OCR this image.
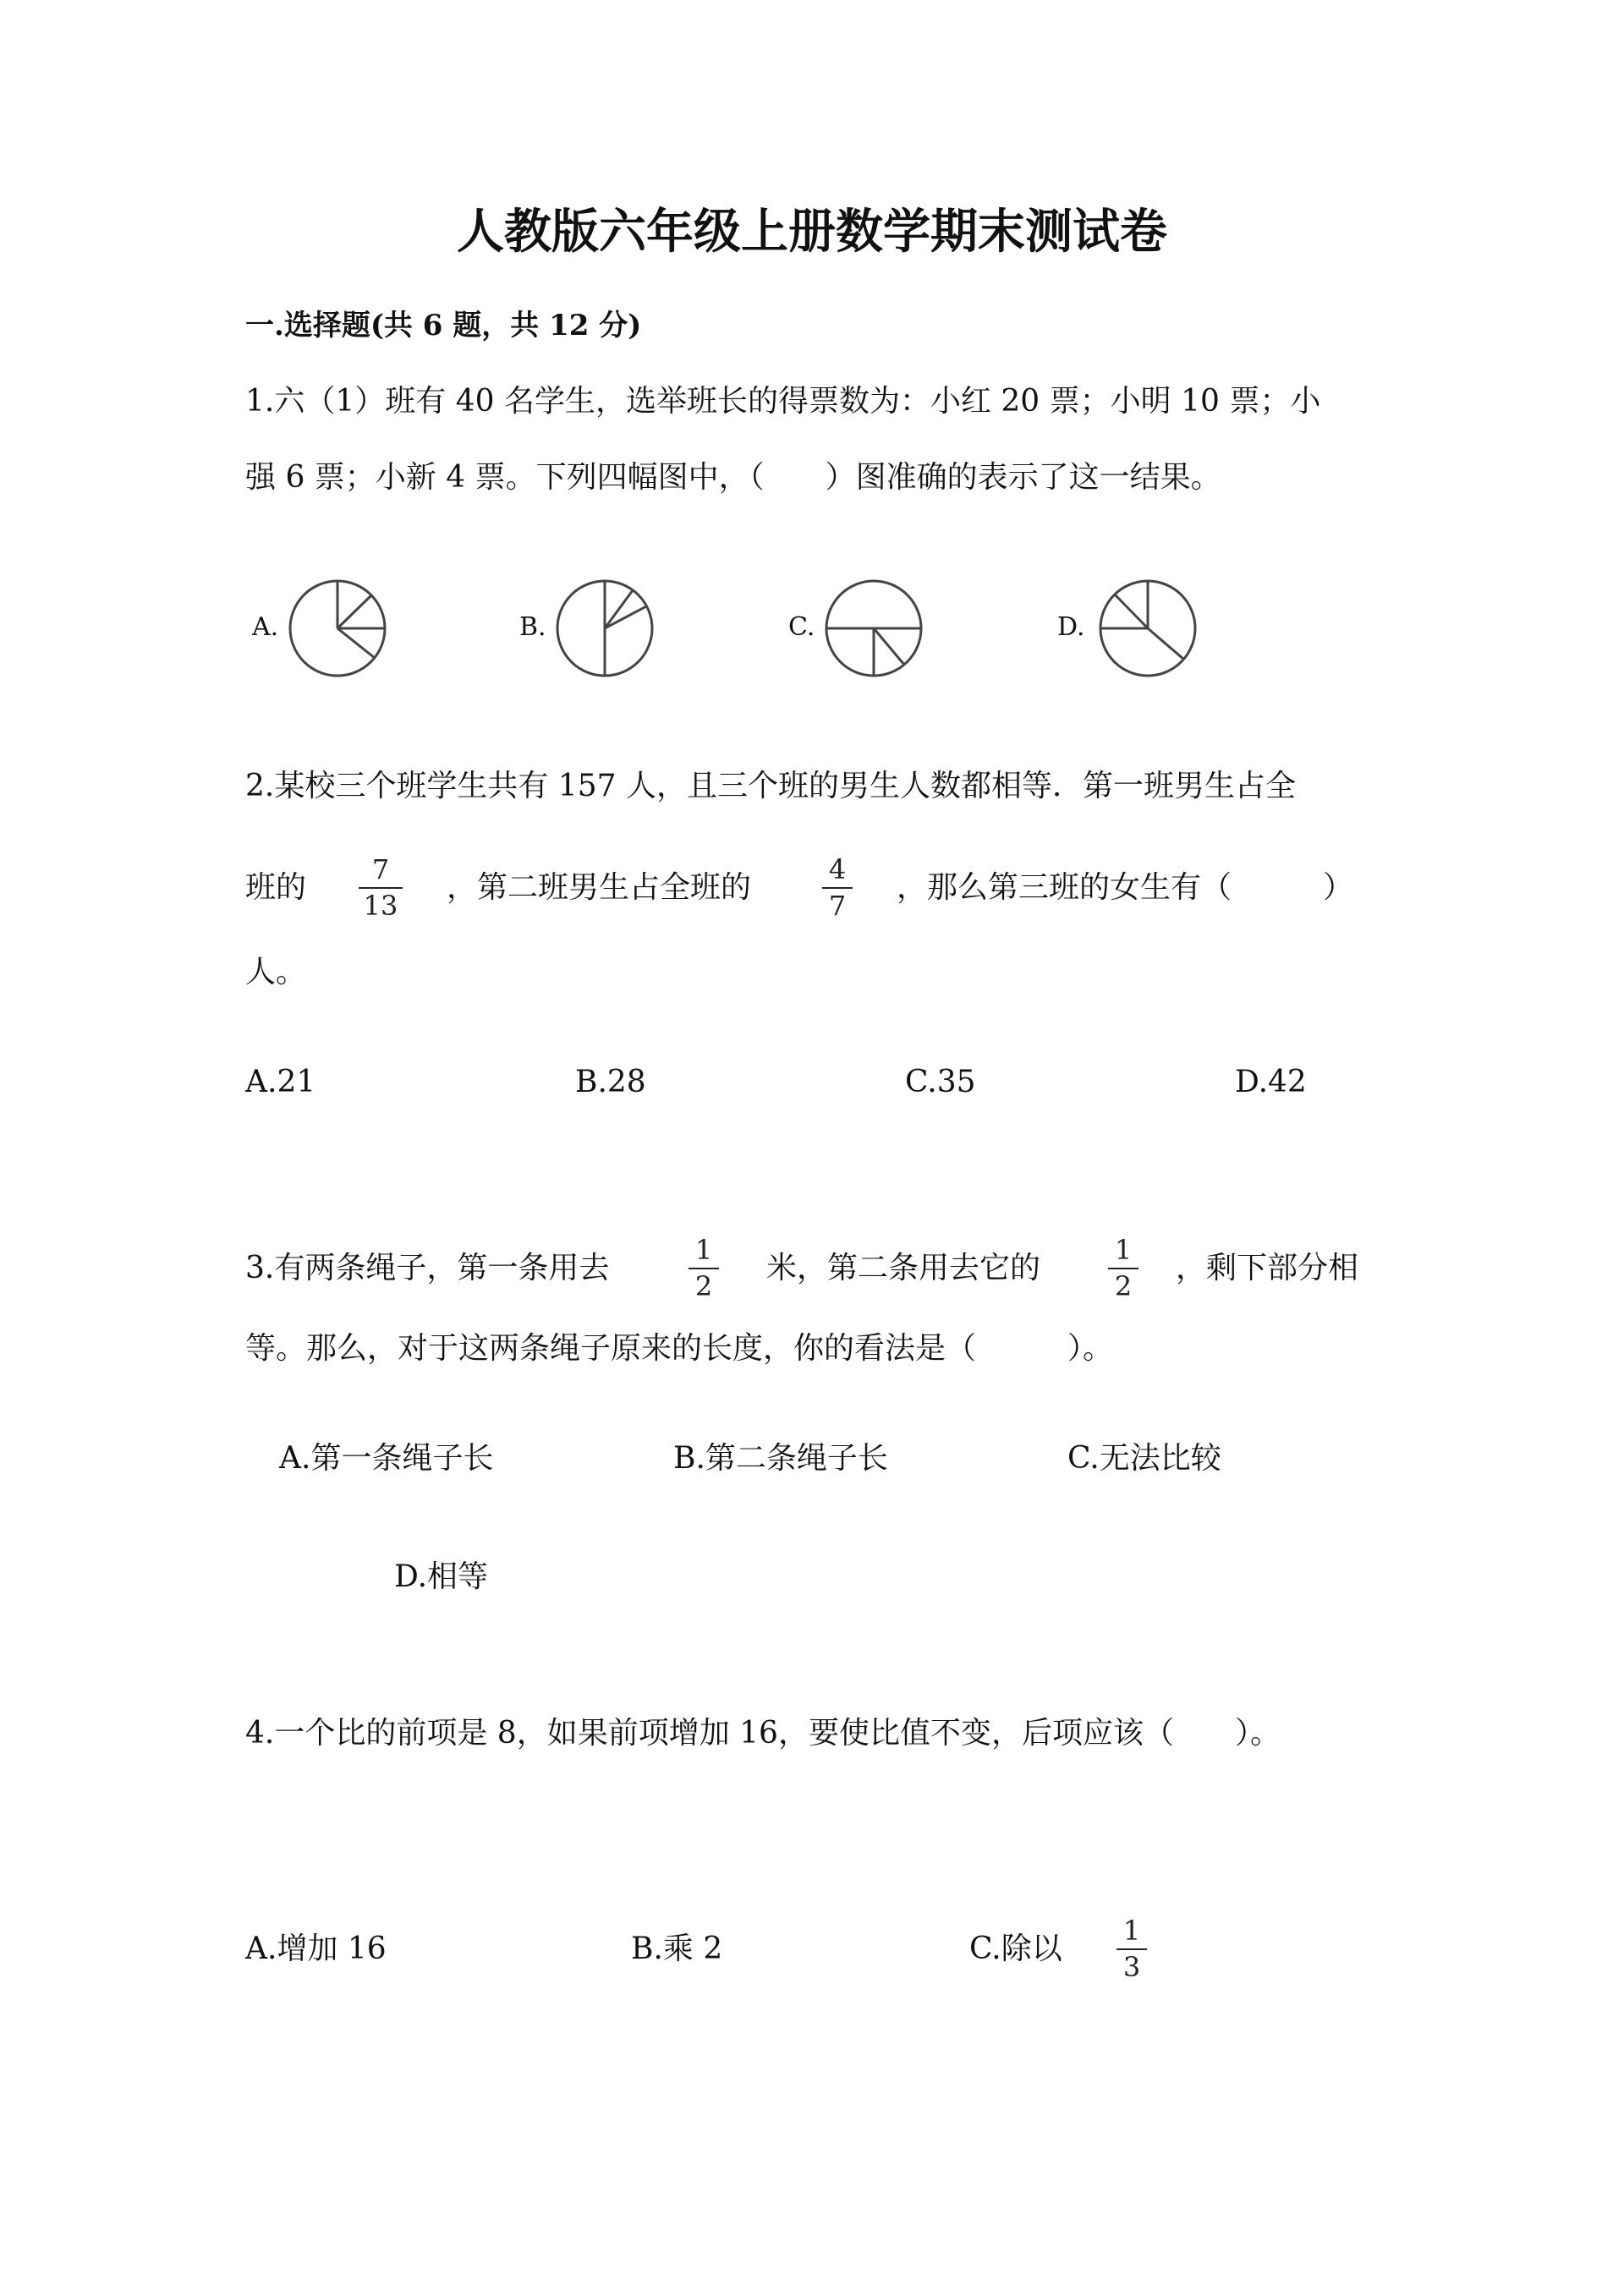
人教版六年级上册数学期末测试卷
一.选择题(共 6 题，共 12 分)
1.六（1）班有 40 名学生，选举班长的得票数为：小红 20 票；小明 10 票；小
强 6 票；小新 4 票。下列四幅图中，（　　）图准确的表示了这一结果。
A.	B.	C.	D.
2.某校三个班学生共有 157 人，且三个班的男生人数都相等．第一班男生占全
班的
7
13
，第二班男生占全班的
4
7
，那么第三班的女生有（　　　）
人。
A.21	B.28	C.35	D.42
3.有两条绳子，第一条用去
1
2
米，第二条用去它的
1
2
，剩下部分相
等。那么，对于这两条绳子原来的长度，你的看法是（　　　）。
A.第一条绳子长	B.第二条绳子长	C.无法比较
D.相等
4.一个比的前项是 8，如果前项增加 16，要使比值不变，后项应该（　　）。
A.增加 16	B.乘 2	C.除以
1
3
